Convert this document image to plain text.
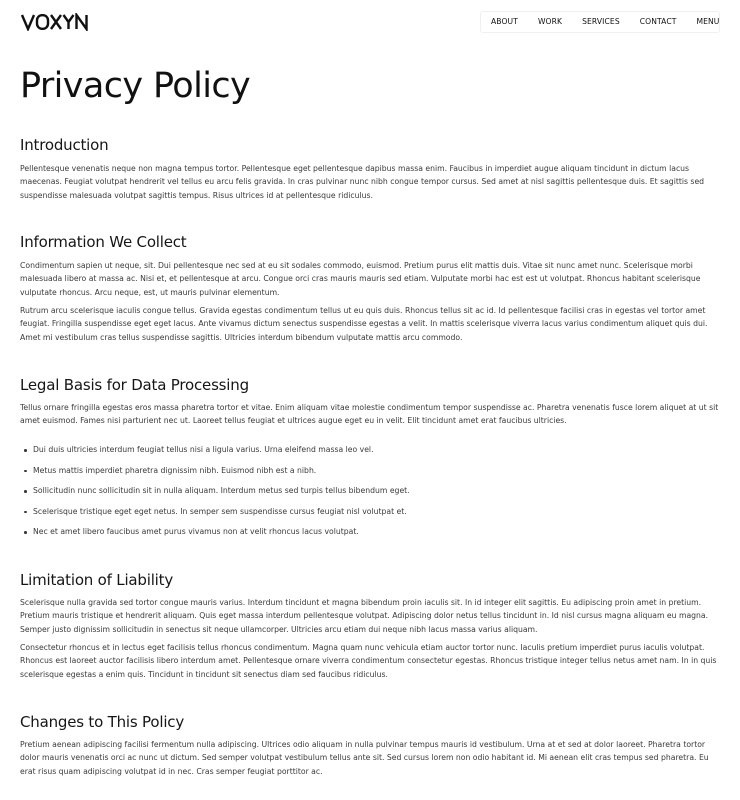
ABOUT	WORK	SERVICES	CONTACT	MENU
Privacy Policy
Introduction

Pellentesque venenatis neque non magna tempus tortor. Pellentesque eget pellentesque dapibus massa enim. Faucibus in imperdiet augue aliquam tincidunt in dictum lacus maecenas. Feugiat volutpat hendrerit vel tellus eu arcu felis gravida. In cras pulvinar nunc nibh congue tempor cursus. Sed amet at nisl sagittis pellentesque duis. Et sagittis sed suspendisse malesuada volutpat sagittis tempus. Risus ultrices id at pellentesque ridiculus.

Information We Collect

Condimentum sapien ut neque, sit. Dui pellentesque nec sed at eu sit sodales commodo, euismod. Pretium purus elit mattis duis. Vitae sit nunc amet nunc. Scelerisque morbi malesuada libero at massa ac. Nisi et, et pellentesque at arcu. Congue orci cras mauris mauris sed etiam. Vulputate morbi hac est est ut volutpat. Rhoncus habitant scelerisque vulputate rhoncus. Arcu neque, est, ut mauris pulvinar elementum.

Rutrum arcu scelerisque iaculis congue tellus. Gravida egestas condimentum tellus ut eu quis duis. Rhoncus tellus sit ac id. Id pellentesque facilisi cras in egestas vel tortor amet feugiat. Fringilla suspendisse eget eget lacus. Ante vivamus dictum senectus suspendisse egestas a velit. In mattis scelerisque viverra lacus varius condimentum aliquet quis dui. Amet mi vestibulum cras tellus suspendisse sagittis. Ultricies interdum bibendum vulputate mattis arcu commodo.

Legal Basis for Data Processing

Tellus ornare fringilla egestas eros massa pharetra tortor et vitae. Enim aliquam vitae molestie condimentum tempor suspendisse ac. Pharetra venenatis fusce lorem aliquet at ut sit amet euismod. Fames nisi parturient nec ut. Laoreet tellus feugiat et ultrices augue eget eu in velit. Elit tincidunt amet erat faucibus ultricies.

Dui duis ultricies interdum feugiat tellus nisi a ligula varius. Urna eleifend massa leo vel.
Metus mattis imperdiet pharetra dignissim nibh. Euismod nibh est a nibh.
Sollicitudin nunc sollicitudin sit in nulla aliquam. Interdum metus sed turpis tellus bibendum eget.
Scelerisque tristique eget eget netus. In semper sem suspendisse cursus feugiat nisl volutpat et.
Nec et amet libero faucibus amet purus vivamus non at velit rhoncus lacus volutpat.
Limitation of Liability

Scelerisque nulla gravida sed tortor congue mauris varius. Interdum tincidunt et magna bibendum proin iaculis sit. In id integer elit sagittis. Eu adipiscing proin amet in pretium. Pretium mauris tristique et hendrerit aliquam. Quis eget massa interdum pellentesque volutpat. Adipiscing dolor netus tellus tincidunt in. Id nisl cursus magna aliquam eu magna. Semper justo dignissim sollicitudin in senectus sit neque ullamcorper. Ultricies arcu etiam dui neque nibh lacus massa varius aliquam.

Consectetur rhoncus et in lectus eget facilisis tellus rhoncus condimentum. Magna quam nunc vehicula etiam auctor tortor nunc. Iaculis pretium imperdiet purus iaculis volutpat. Rhoncus est laoreet auctor facilisis libero interdum amet. Pellentesque ornare viverra condimentum consectetur egestas. Rhoncus tristique integer tellus netus amet nam. In in quis scelerisque egestas a enim quis. Tincidunt in tincidunt sit senectus diam sed faucibus ridiculus.

Changes to This Policy

Pretium aenean adipiscing facilisi fermentum nulla adipiscing. Ultrices odio aliquam in nulla pulvinar tempus mauris id vestibulum. Urna at et sed at dolor laoreet. Pharetra tortor dolor mauris venenatis orci ac nunc ut dictum. Sed semper volutpat vestibulum tellus ante sit. Sed cursus lorem non odio habitant id. Mi aenean elit cras tempus sed pharetra. Eu erat risus quam adipiscing volutpat id in nec. Cras semper feugiat porttitor ac.
